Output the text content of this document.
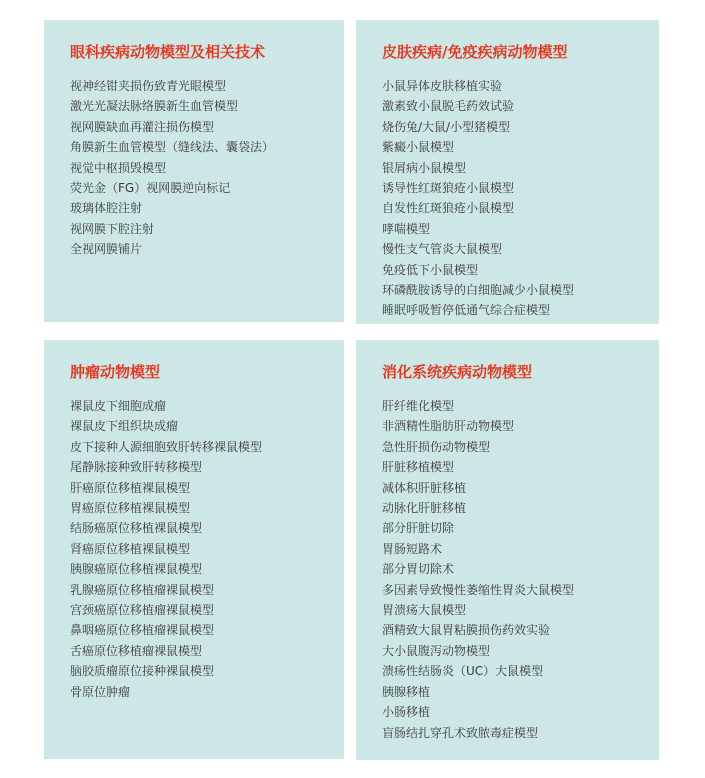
眼科疾病动物模型及相关技术
视神经钳夹损伤致青光眼模型
激光光凝法脉络膜新生血管模型
视网膜缺血再灌注损伤模型
角膜新生血管模型（缝线法、囊袋法）
视觉中枢损毁模型
荧光金（FG）视网膜逆向标记
玻璃体腔注射
视网膜下腔注射
全视网膜铺片
皮肤疾病/免疫疾病动物模型
小鼠异体皮肤移植实验
激素致小鼠脱毛药效试验
烧伤兔/大鼠/小型猪模型
紫癜小鼠模型
银屑病小鼠模型
诱导性红斑狼疮小鼠模型
自发性红斑狼疮小鼠模型
哮喘模型
慢性支气管炎大鼠模型
免疫低下小鼠模型
环磷酰胺诱导的白细胞减少小鼠模型
睡眠呼吸暂停低通气综合症模型
肿瘤动物模型
裸鼠皮下细胞成瘤
裸鼠皮下组织块成瘤
皮下接种人源细胞致肝转移裸鼠模型
尾静脉接种致肝转移模型
肝癌原位移植裸鼠模型
胃癌原位移植裸鼠模型
结肠癌原位移植裸鼠模型
肾癌原位移植裸鼠模型
胰腺癌原位移植裸鼠模型
乳腺癌原位移植瘤裸鼠模型
宫颈癌原位移植瘤裸鼠模型
鼻咽癌原位移植瘤裸鼠模型
舌癌原位移植瘤裸鼠模型
脑胶质瘤原位接种裸鼠模型
骨原位肿瘤
消化系统疾病动物模型
肝纤维化模型
非酒精性脂肪肝动物模型
急性肝损伤动物模型
肝脏移植模型
减体积肝脏移植
动脉化肝脏移植
部分肝脏切除
胃肠短路术
部分胃切除术
多因素导致慢性萎缩性胃炎大鼠模型
胃溃疡大鼠模型
酒精致大鼠胃粘膜损伤药效实验
大小鼠腹泻动物模型
溃疡性结肠炎（UC）大鼠模型
胰腺移植
小肠移植
盲肠结扎穿孔术致脓毒症模型
